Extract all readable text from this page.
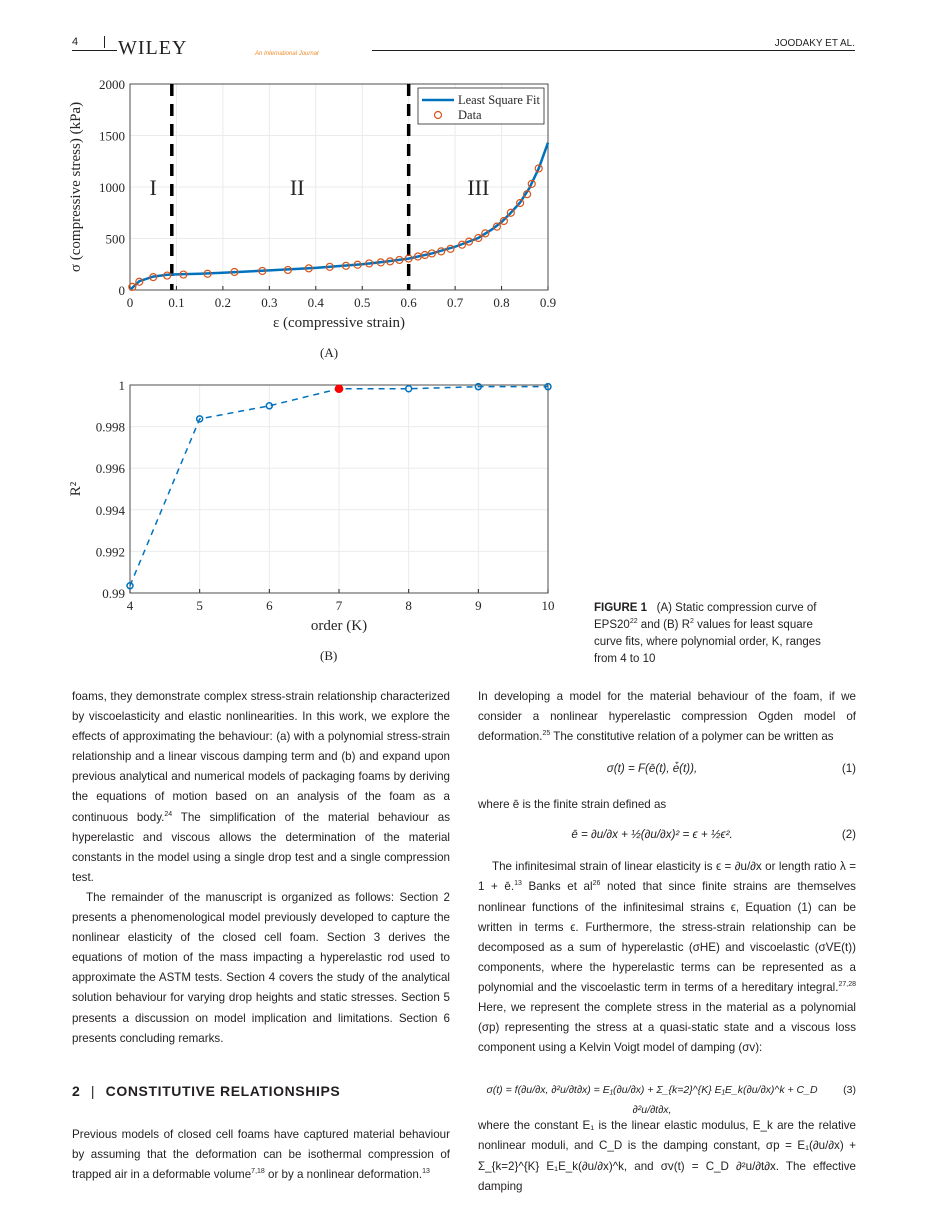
4 WILEY	An International Journal
JOODAKY ET AL.
0	0.1 0.2 0.3 0.4 0.5 0.6 0.7 0.8 0.9
0
500
1000
1500
2000
ε (compressive strain)
σ (compressive stress) (kPa)	I	II	III
Least Square Fit
Data
4	5	6	7	8	9	10
0.99
0.992
0.994
0.996
0.998
1
order (K)
R²
(A)
(B)
FIGURE 1 (A) Static compression curve of $EPS20^{22}$ and (B) $R^2$ values for least square curve fits, where polynomial order, K, ranges from 4 to 10

foams, they demonstrate complex stress-strain relationship characterized by viscoelasticity and elastic nonlinearities. In this work, we explore the effects of approximating the behaviour: (a) with a polynomial stress-strain relationship and a linear viscous damping term and (b) and expand upon previous analytical and numerical models of packaging foams by deriving the equations of motion based on an analysis of the foam as a continuous body.$^{24}$ The simplification of the material behaviour as hyperelastic and viscous allows the determination of the material constants in the model using a single drop test and a single compression test.

The remainder of the manuscript is organized as follows: Section 2 presents a phenomenological model previously developed to capture the nonlinear elasticity of the closed cell foam. Section 3 derives the equations of motion of the mass impacting a hyperelastic rod used to approximate the ASTM tests. Section 4 covers the study of the analytical solution behaviour for varying drop heights and static stresses. Section 5 presents a discussion on model implication and limitations. Section 6 presents concluding remarks.

2 | CONSTITUTIVE RELATIONSHIPS

Previous models of closed cell foams have captured material behaviour by assuming that the deformation can be isothermal compression of trapped air in a deformable volume$^{7,18}$ or by a nonlinear deformation.$^{13}$

In developing a model for the material behaviour of the foam, if we consider a nonlinear hyperelastic compression Ogden model of deformation.$^{25}$ The constitutive relation of a polymer can be written as

σ(t) = F(ē(t), ė̄(t)),	(1)

where ē is the finite strain defined as

ē = ∂u/∂x + ½(∂u/∂x)² = ϵ + ½ϵ².	(2)

The infinitesimal strain of linear elasticity is ϵ = ∂u/∂x or length ratio λ = 1 + ē.$^{13}$ Banks et $al^{26}$ noted that since finite strains are themselves nonlinear functions of the infinitesimal strains ϵ, Equation (1) can be written in terms ϵ. Furthermore, the stress-strain relationship can be decomposed as a sum of hyperelastic (σHE) and viscoelastic (σVE(t)) components, where the hyperelastic terms can be represented as a polynomial and the viscoelastic term in terms of a hereditary integral.$^{27,28}$ Here, we represent the complete stress in the material as a polynomial (σp) representing the stress at a quasi-static state and a viscous loss component using a Kelvin Voigt model of damping (σv):

σ(t) = f(∂u/∂x, ∂²u/∂t∂x) = E₁(∂u/∂x) + Σ_{k=2}^{K} E₁E_k(∂u/∂x)^k + C_D ∂²u/∂t∂x,
(3)

where the constant E₁ is the linear elastic modulus, E_k are the relative nonlinear moduli, and C_D is the damping constant, σp = E₁(∂u/∂x) + Σ_{k=2}^{K} E₁E_k(∂u/∂x)^k, and σv(t) = C_D ∂²u/∂t∂x. The effective damping
